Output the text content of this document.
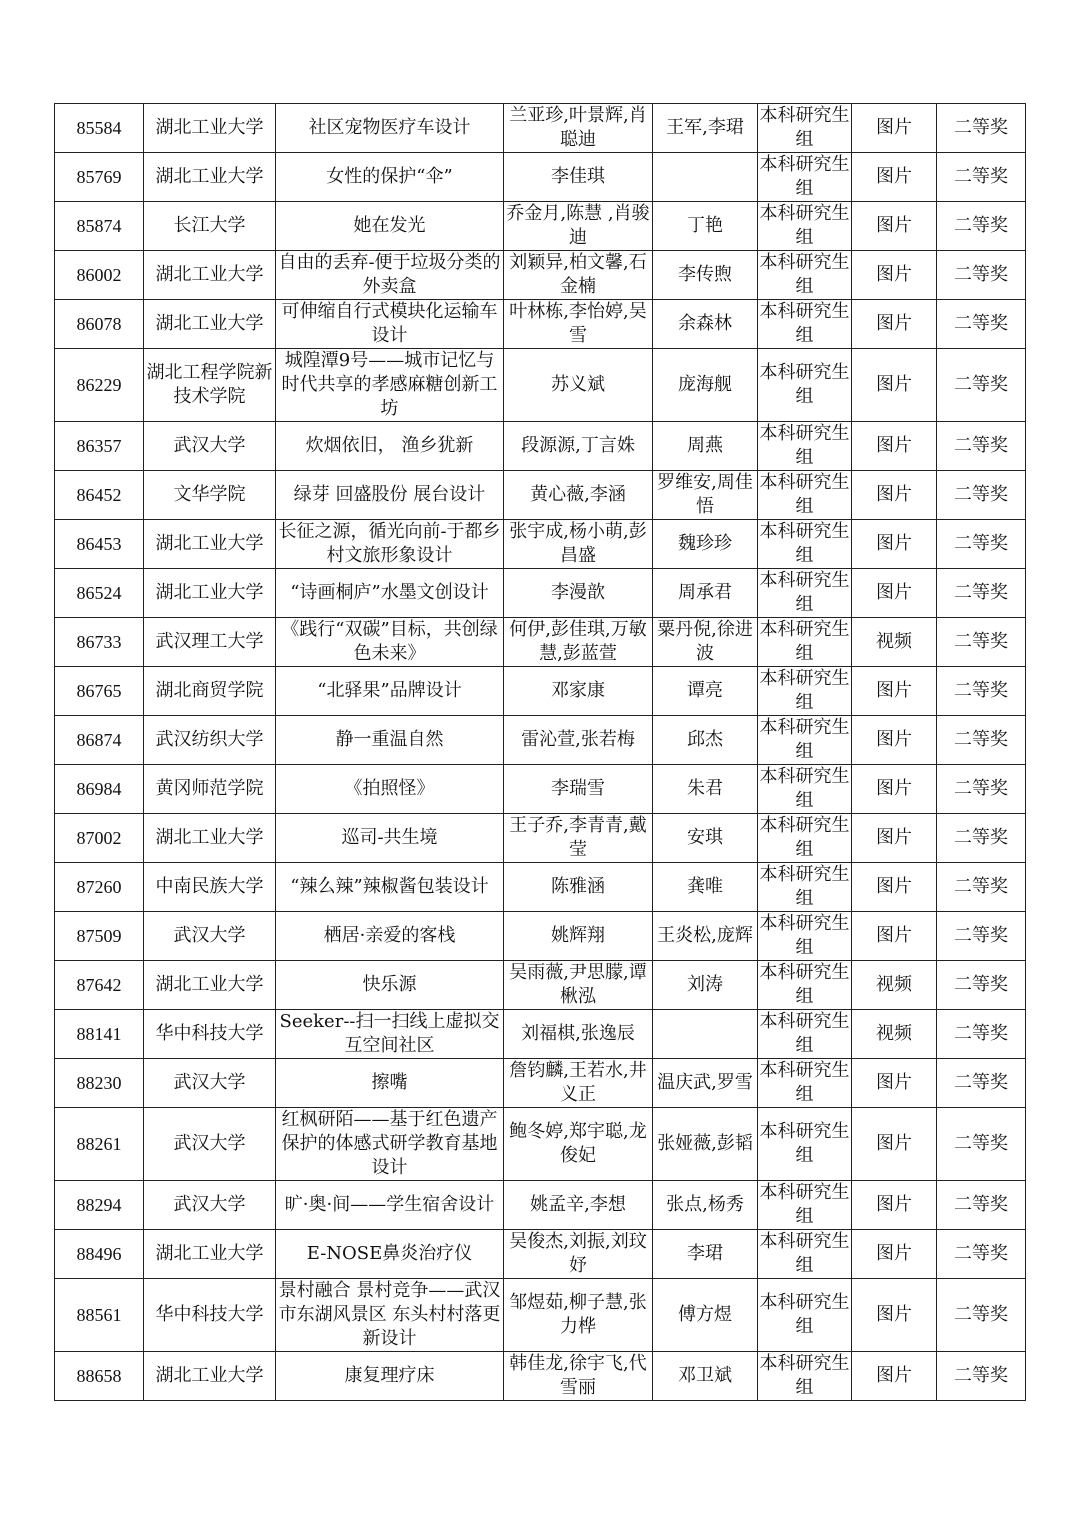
85584	湖北工业大学	社区宠物医疗车设计	兰亚珍,叶景辉,肖聪迪	王军,李珺	本科研究生组	图片	二等奖
85769	湖北工业大学	女性的保护“伞”	李佳琪		本科研究生组	图片	二等奖
85874	长江大学	她在发光	乔金月,陈慧 ,肖骏迪	丁艳	本科研究生组	图片	二等奖
86002	湖北工业大学	自由的丢弃-便于垃圾分类的外卖盒	刘颖异,柏文馨,石金楠	李传煦	本科研究生组	图片	二等奖
86078	湖北工业大学	可伸缩自行式模块化运输车设计	叶林栋,李怡婷,吴雪	余森林	本科研究生组	图片	二等奖
86229	湖北工程学院新技术学院	城隍潭9号——城市记忆与时代共享的孝感麻糖创新工坊	苏义斌	庞海舰	本科研究生组	图片	二等奖
86357	武汉大学	炊烟依旧， 渔乡犹新	段源源,丁言姝	周燕	本科研究生组	图片	二等奖
86452	文华学院	绿芽 回盛股份 展台设计	黄心薇,李涵	罗维安,周佳悟	本科研究生组	图片	二等奖
86453	湖北工业大学	长征之源，循光向前-于都乡村文旅形象设计	张宇成,杨小萌,彭昌盛	魏珍珍	本科研究生组	图片	二等奖
86524	湖北工业大学	“诗画桐庐”水墨文创设计	李漫歆	周承君	本科研究生组	图片	二等奖
86733	武汉理工大学	《践行“双碳”目标，共创绿色未来》	何伊,彭佳琪,万敏慧,彭蓝萱	粟丹倪,徐进波	本科研究生组	视频	二等奖
86765	湖北商贸学院	“北驿果”品牌设计	邓家康	谭亮	本科研究生组	图片	二等奖
86874	武汉纺织大学	静一重温自然	雷沁萱,张若梅	邱杰	本科研究生组	图片	二等奖
86984	黄冈师范学院	《拍照怪》	李瑞雪	朱君	本科研究生组	图片	二等奖
87002	湖北工业大学	巡司-共生境	王子乔,李青青,戴莹	安琪	本科研究生组	图片	二等奖
87260	中南民族大学	“辣么辣”辣椒酱包装设计	陈雅涵	龚唯	本科研究生组	图片	二等奖
87509	武汉大学	栖居·亲爱的客栈	姚辉翔	王炎松,庞辉	本科研究生组	图片	二等奖
87642	湖北工业大学	快乐源	吴雨薇,尹思朦,谭楸泓	刘涛	本科研究生组	视频	二等奖
88141	华中科技大学	Seeker--扫一扫线上虚拟交互空间社区	刘福棋,张逸辰		本科研究生组	视频	二等奖
88230	武汉大学	擦嘴	詹钧麟,王若水,井义正	温庆武,罗雪	本科研究生组	图片	二等奖
88261	武汉大学	红枫研陌——基于红色遗产保护的体感式研学教育基地设计	鲍冬婷,郑宇聪,龙俊妃	张娅薇,彭韬	本科研究生组	图片	二等奖
88294	武汉大学	旷·奥·间——学生宿舍设计	姚孟辛,李想	张点,杨秀	本科研究生组	图片	二等奖
88496	湖北工业大学	E-NOSE鼻炎治疗仪	吴俊杰,刘振,刘玟妤	李珺	本科研究生组	图片	二等奖
88561	华中科技大学	景村融合 景村竞争——武汉市东湖风景区 东头村村落更新设计	邹煜茹,柳子慧,张力桦	傅方煜	本科研究生组	图片	二等奖
88658	湖北工业大学	康复理疗床	韩佳龙,徐宇飞,代雪丽	邓卫斌	本科研究生组	图片	二等奖
